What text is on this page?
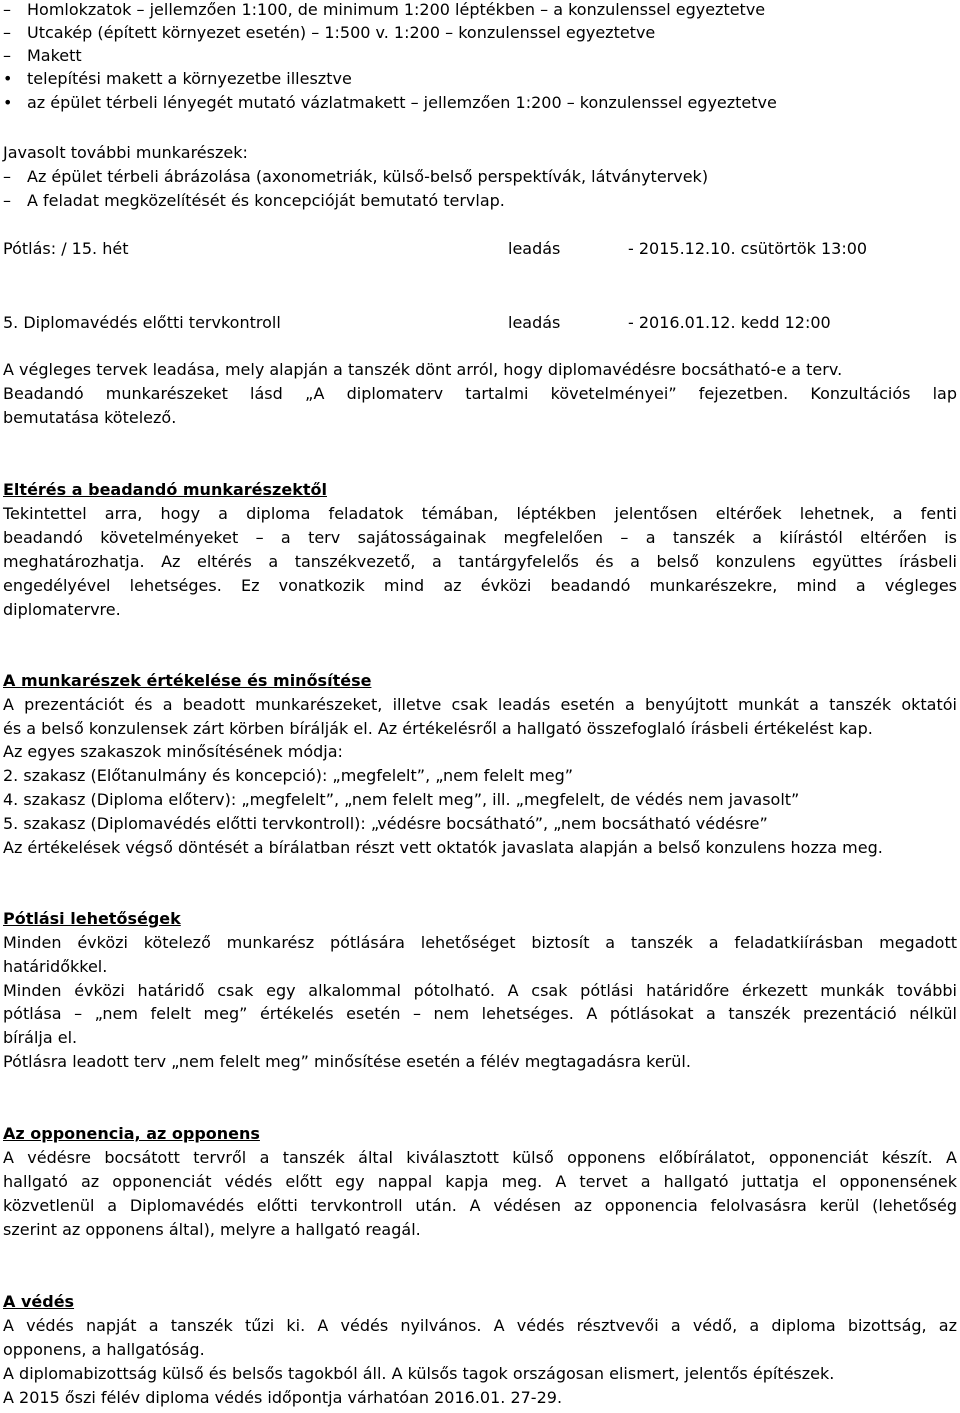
– Homlokzatok – jellemzően 1:100, de minimum 1:200 léptékben – a konzulenssel egyeztetve
– Utcakép (épített környezet esetén) – 1:500 v. 1:200 – konzulenssel egyeztetve
– Makett
• telepítési makett a környezetbe illesztve
• az épület térbeli lényegét mutató vázlatmakett – jellemzően 1:200 – konzulenssel egyeztetve
Javasolt további munkarészek:
– Az épület térbeli ábrázolása (axonometriák, külső-belső perspektívák, látványtervek)
– A feladat megközelítését és koncepcióját bemutató tervlap.
Pótlás: / 15. hét	leadás	- 2015.12.10. csütörtök 13:00
5. Diplomavédés előtti tervkontroll	leadás	- 2016.01.12. kedd 12:00
A végleges tervek leadása, mely alapján a tanszék dönt arról, hogy diplomavédésre bocsátható-e a terv.
Beadandó munkarészeket lásd „A diplomaterv tartalmi követelményei” fejezetben. Konzultációs lap
bemutatása kötelező.
Eltérés a beadandó munkarészektől
Tekintettel arra, hogy a diploma feladatok témában, léptékben jelentősen eltérőek lehetnek, a fenti
beadandó követelményeket – a terv sajátosságainak megfelelően – a tanszék a kiírástól eltérően is
meghatározhatja. Az eltérés a tanszékvezető, a tantárgyfelelős és a belső konzulens együttes írásbeli
engedélyével lehetséges. Ez vonatkozik mind az évközi beadandó munkarészekre, mind a végleges
diplomatervre.
A munkarészek értékelése és minősítése
A prezentációt és a beadott munkarészeket, illetve csak leadás esetén a benyújtott munkát a tanszék oktatói
és a belső konzulensek zárt körben bírálják el. Az értékelésről a hallgató összefoglaló írásbeli értékelést kap.
Az egyes szakaszok minősítésének módja:
2. szakasz (Előtanulmány és koncepció): „megfelelt”, „nem felelt meg”
4. szakasz (Diploma előterv): „megfelelt”, „nem felelt meg”, ill. „megfelelt, de védés nem javasolt”
5. szakasz (Diplomavédés előtti tervkontroll): „védésre bocsátható”, „nem bocsátható védésre”
Az értékelések végső döntését a bírálatban részt vett oktatók javaslata alapján a belső konzulens hozza meg.
Pótlási lehetőségek
Minden évközi kötelező munkarész pótlására lehetőséget biztosít a tanszék a feladatkiírásban megadott
határidőkkel.
Minden évközi határidő csak egy alkalommal pótolható. A csak pótlási határidőre érkezett munkák további
pótlása – „nem felelt meg” értékelés esetén – nem lehetséges. A pótlásokat a tanszék prezentáció nélkül
bírálja el.
Pótlásra leadott terv „nem felelt meg” minősítése esetén a félév megtagadásra kerül.
Az opponencia, az opponens
A védésre bocsátott tervről a tanszék által kiválasztott külső opponens előbírálatot, opponenciát készít. A
hallgató az opponenciát védés előtt egy nappal kapja meg. A tervet a hallgató juttatja el opponensének
közvetlenül a Diplomavédés előtti tervkontroll után. A védésen az opponencia felolvasásra kerül (lehetőség
szerint az opponens által), melyre a hallgató reagál.
A védés
A védés napját a tanszék tűzi ki. A védés nyilvános. A védés résztvevői a védő, a diploma bizottság, az
opponens, a hallgatóság.
A diplomabizottság külső és belsős tagokból áll. A külsős tagok országosan elismert, jelentős építészek.
A 2015 őszi félév diploma védés időpontja várhatóan 2016.01. 27-29.
